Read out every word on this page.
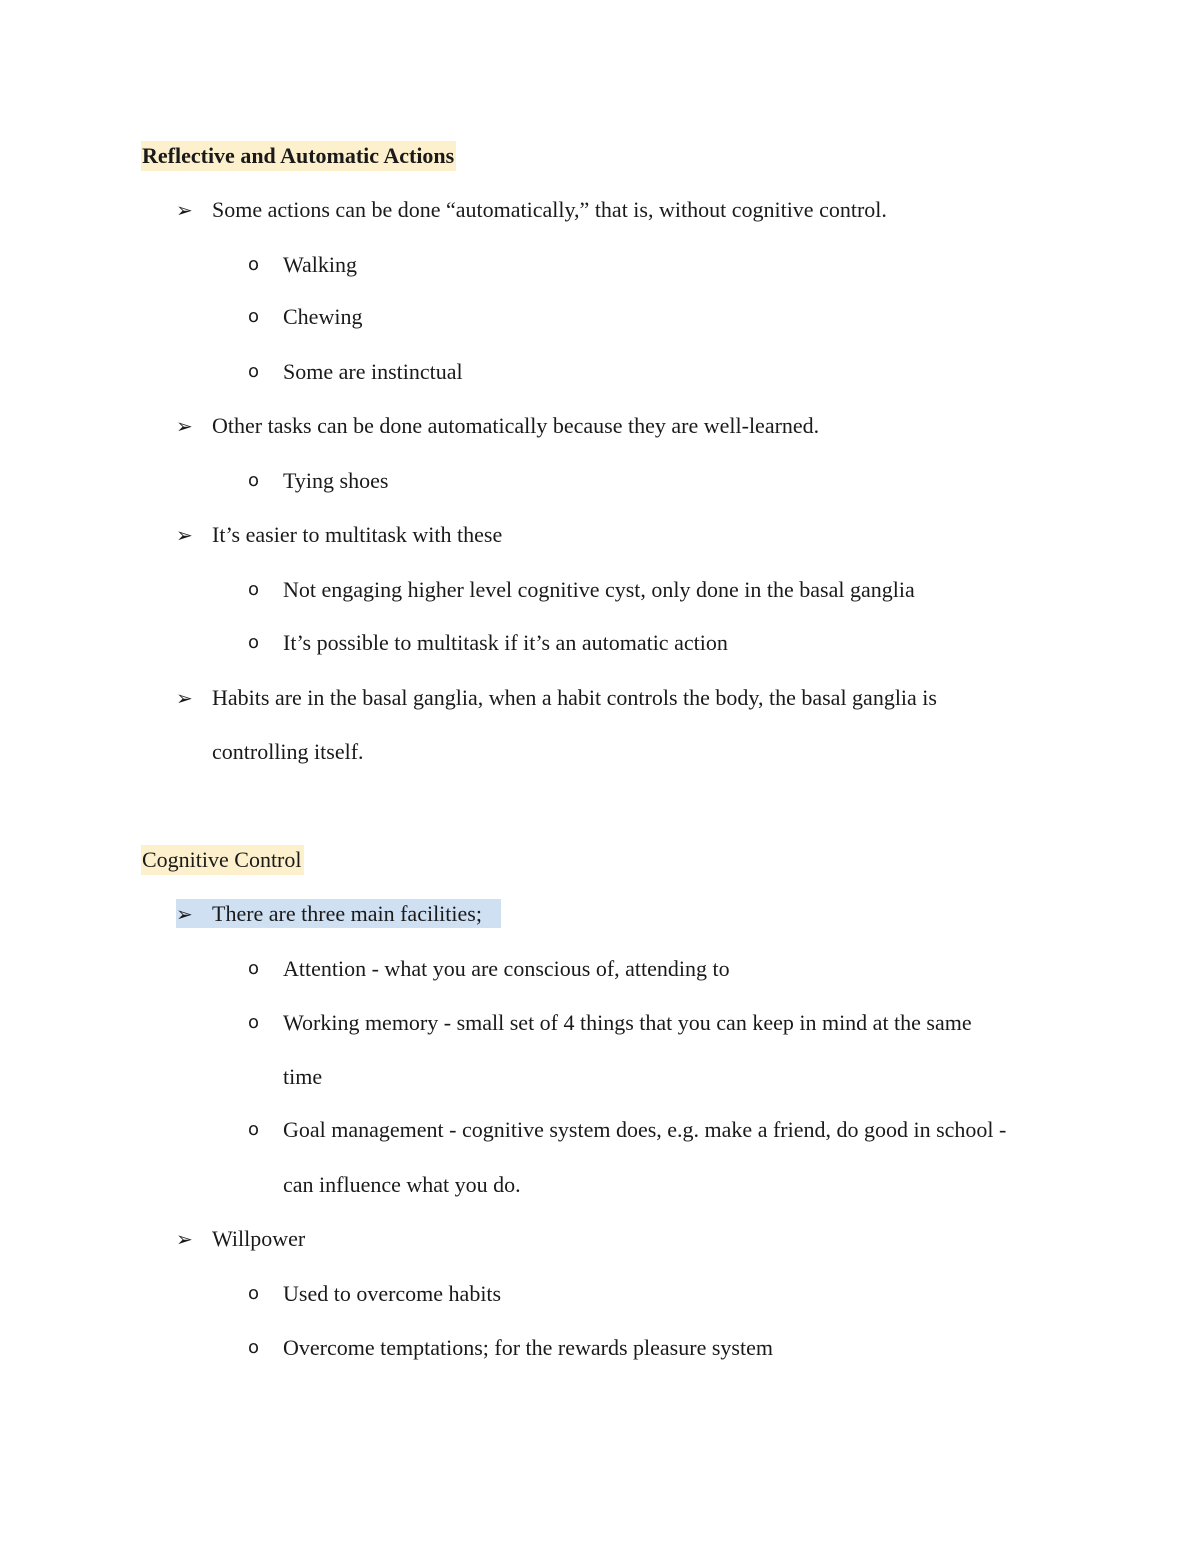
Reflective and Automatic Actions
➢ Some actions can be done “automatically,” that is, without cognitive control.
o Walking
o Chewing
o Some are instinctual
➢ Other tasks can be done automatically because they are well-learned.
o Tying shoes
➢ It’s easier to multitask with these
o Not engaging higher level cognitive cyst, only done in the basal ganglia
o It’s possible to multitask if it’s an automatic action
➢ Habits are in the basal ganglia, when a habit controls the body, the basal ganglia is
controlling itself.
Cognitive Control
➢ There are three main facilities;
o Attention - what you are conscious of, attending to
o Working memory - small set of 4 things that you can keep in mind at the same
time
o Goal management - cognitive system does, e.g. make a friend, do good in school -
can influence what you do.
➢ Willpower
o Used to overcome habits
o Overcome temptations; for the rewards pleasure system
